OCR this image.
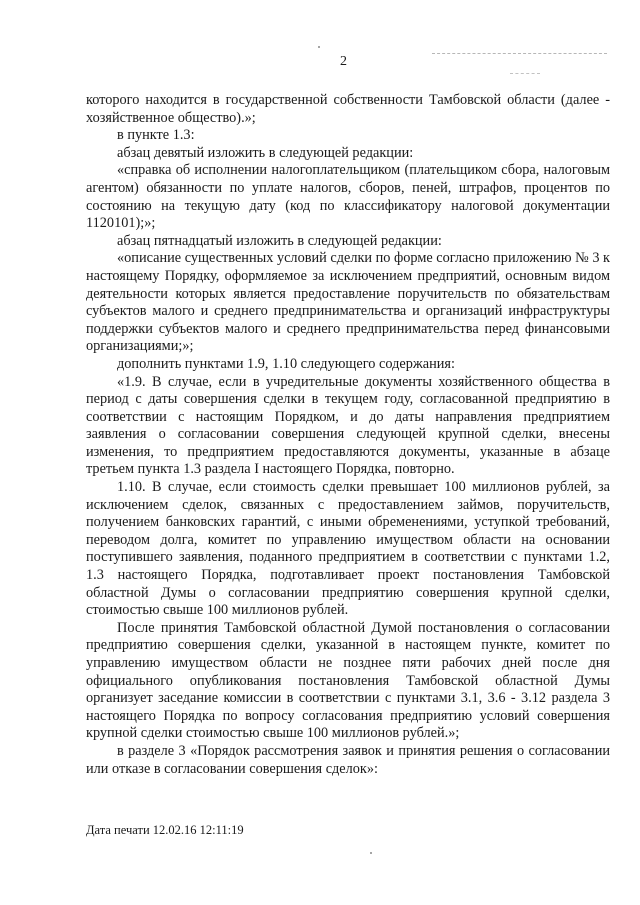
2

которого находится в государственной собственности Тамбовской области (далее - хозяйственное общество).»;

в пункте 1.3:

абзац девятый изложить в следующей редакции:

«справка об исполнении налогоплательщиком (плательщиком сбора, налоговым агентом) обязанности по уплате налогов, сборов, пеней, штрафов, процентов по состоянию на текущую дату (код по классификатору налоговой документации 1120101);»;

абзац пятнадцатый изложить в следующей редакции:

«описание существенных условий сделки по форме согласно приложению № 3 к настоящему Порядку, оформляемое за исключением предприятий, основным видом деятельности которых является предоставление поручительств по обязательствам субъектов малого и среднего предпринимательства и организаций инфраструктуры поддержки субъектов малого и среднего предпринимательства перед финансовыми организациями;»;

дополнить пунктами 1.9, 1.10 следующего содержания:

«1.9. В случае, если в учредительные документы хозяйственного общества в период с даты совершения сделки в текущем году, согласованной предприятию в соответствии с настоящим Порядком, и до даты направления предприятием заявления о согласовании совершения следующей крупной сделки, внесены изменения, то предприятием предоставляются документы, указанные в абзаце третьем пункта 1.3 раздела I настоящего Порядка, повторно.

1.10. В случае, если стоимость сделки превышает 100 миллионов рублей, за исключением сделок, связанных с предоставлением займов, поручительств, получением банковских гарантий, с иными обременениями, уступкой требований, переводом долга, комитет по управлению имуществом области на основании поступившего заявления, поданного предприятием в соответствии с пунктами 1.2, 1.3 настоящего Порядка, подготавливает проект постановления Тамбовской областной Думы о согласовании предприятию совершения крупной сделки, стоимостью свыше 100 миллионов рублей.

После принятия Тамбовской областной Думой постановления о согласовании предприятию совершения сделки, указанной в настоящем пункте, комитет по управлению имуществом области не позднее пяти рабочих дней после дня официального опубликования постановления Тамбовской областной Думы организует заседание комиссии в соответствии с пунктами 3.1, 3.6 - 3.12 раздела 3 настоящего Порядка по вопросу согласования предприятию условий совершения крупной сделки стоимостью свыше 100 миллионов рублей.»;

в разделе 3 «Порядок рассмотрения заявок и принятия решения о согласовании или отказе в согласовании совершения сделок»:

Дата печати 12.02.16 12:11:19
